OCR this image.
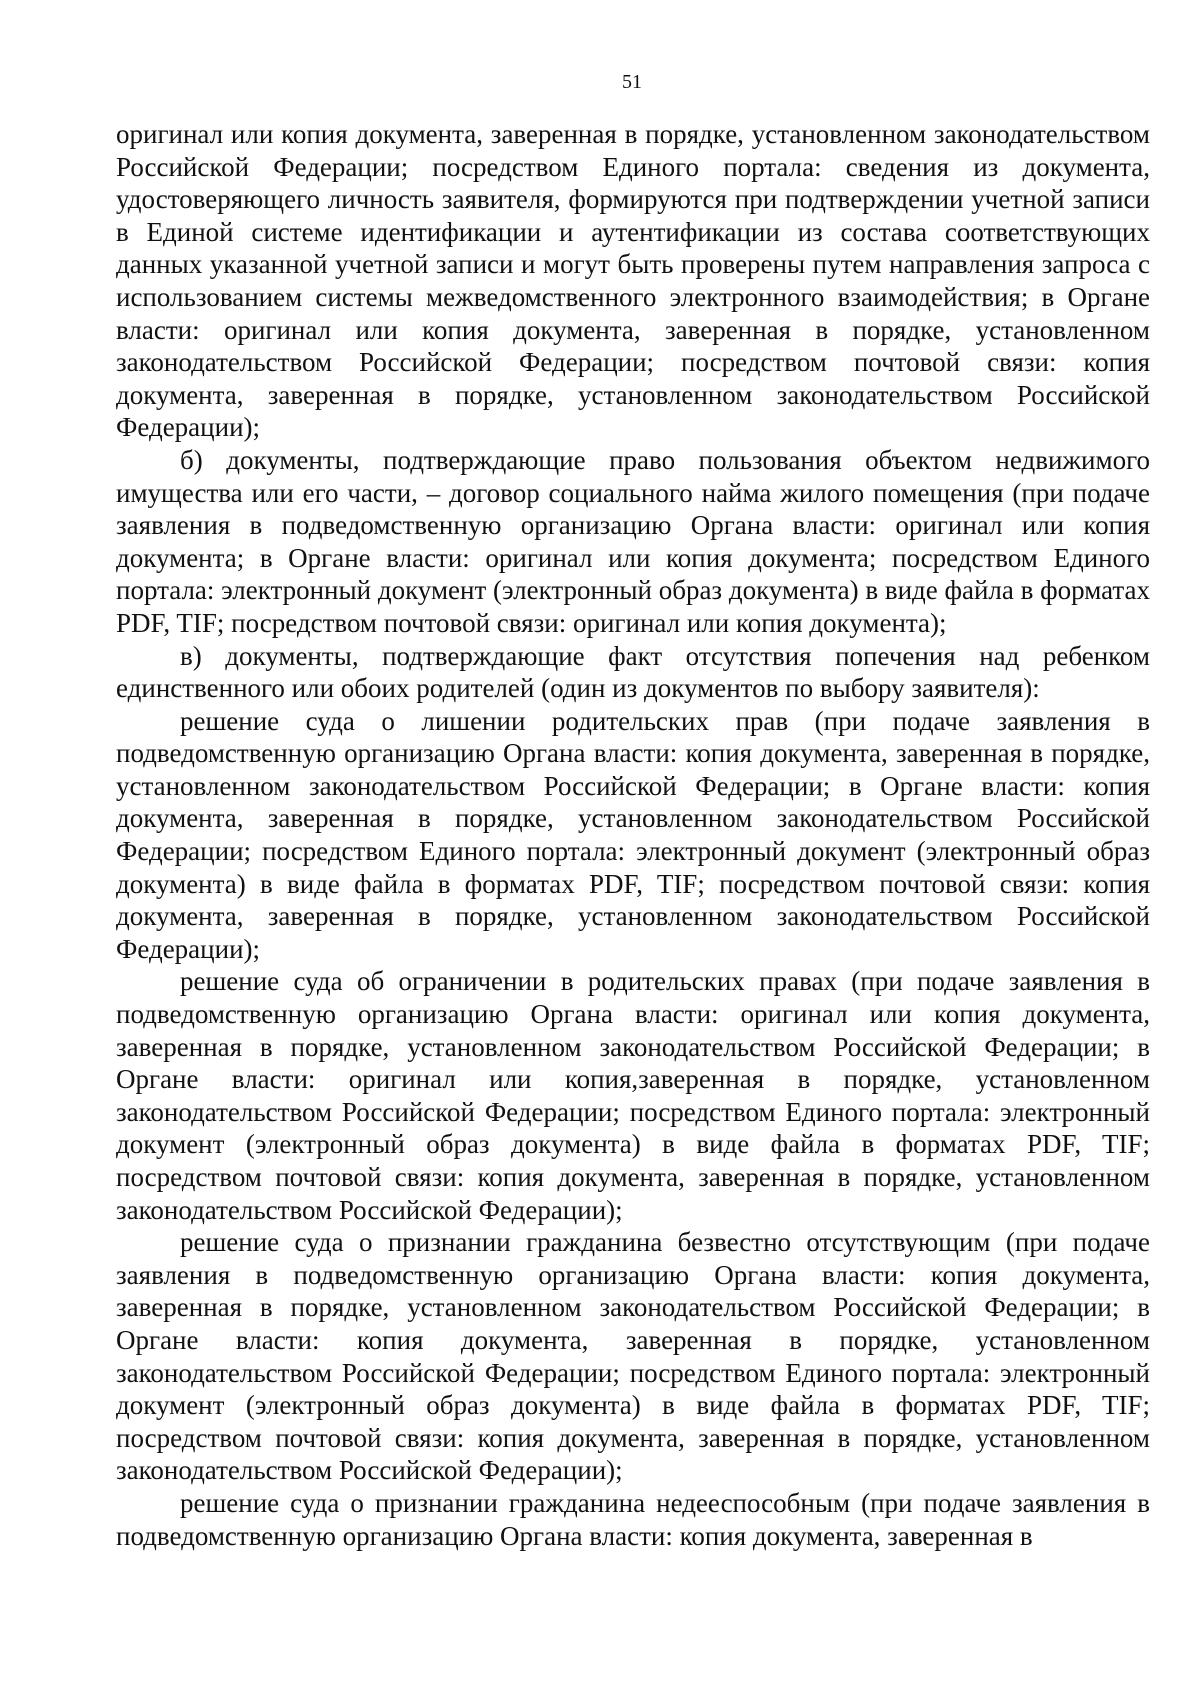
51

оригинал или копия документа, заверенная в порядке, установленном законодательством Российской Федерации; посредством Единого портала: сведения из документа, удостоверяющего личность заявителя, формируются при подтверждении учетной записи в Единой системе идентификации и аутентификации из состава соответствующих данных указанной учетной записи и могут быть проверены путем направления запроса с использованием системы межведомственного электронного взаимодействия; в Органе власти: оригинал или копия документа, заверенная в порядке, установленном законодательством Российской Федерации; посредством почтовой связи: копия документа, заверенная в порядке, установленном законодательством Российской Федерации);

б) документы, подтверждающие право пользования объектом недвижимого имущества или его части, – договор социального найма жилого помещения (при подаче заявления в подведомственную организацию Органа власти: оригинал или копия документа; в Органе власти: оригинал или копия документа; посредством Единого портала: электронный документ (электронный образ документа) в виде файла в форматах PDF, TIF; посредством почтовой связи: оригинал или копия документа);

в) документы, подтверждающие факт отсутствия попечения над ребенком единственного или обоих родителей (один из документов по выбору заявителя):

решение суда о лишении родительских прав (при подаче заявления в подведомственную организацию Органа власти: копия документа, заверенная в порядке, установленном законодательством Российской Федерации; в Органе власти: копия документа, заверенная в порядке, установленном законодательством Российской Федерации; посредством Единого портала: электронный документ (электронный образ документа) в виде файла в форматах PDF, TIF; посредством почтовой связи: копия документа, заверенная в порядке, установленном законодательством Российской Федерации);

решение суда об ограничении в родительских правах (при подаче заявления в подведомственную организацию Органа власти: оригинал или копия документа, заверенная в порядке, установленном законодательством Российской Федерации; в Органе власти: оригинал или копия,заверенная в порядке, установленном законодательством Российской Федерации; посредством Единого портала: электронный документ (электронный образ документа) в виде файла в форматах PDF, TIF; посредством почтовой связи: копия документа, заверенная в порядке, установленном законодательством Российской Федерации);

решение суда о признании гражданина безвестно отсутствующим (при подаче заявления в подведомственную организацию Органа власти: копия документа, заверенная в порядке, установленном законодательством Российской Федерации; в Органе власти: копия документа, заверенная в порядке, установленном законодательством Российской Федерации; посредством Единого портала: электронный документ (электронный образ документа) в виде файла в форматах PDF, TIF; посредством почтовой связи: копия документа, заверенная в порядке, установленном законодательством Российской Федерации);

решение суда о признании гражданина недееспособным (при подаче заявления в подведомственную организацию Органа власти: копия документа, заверенная в
